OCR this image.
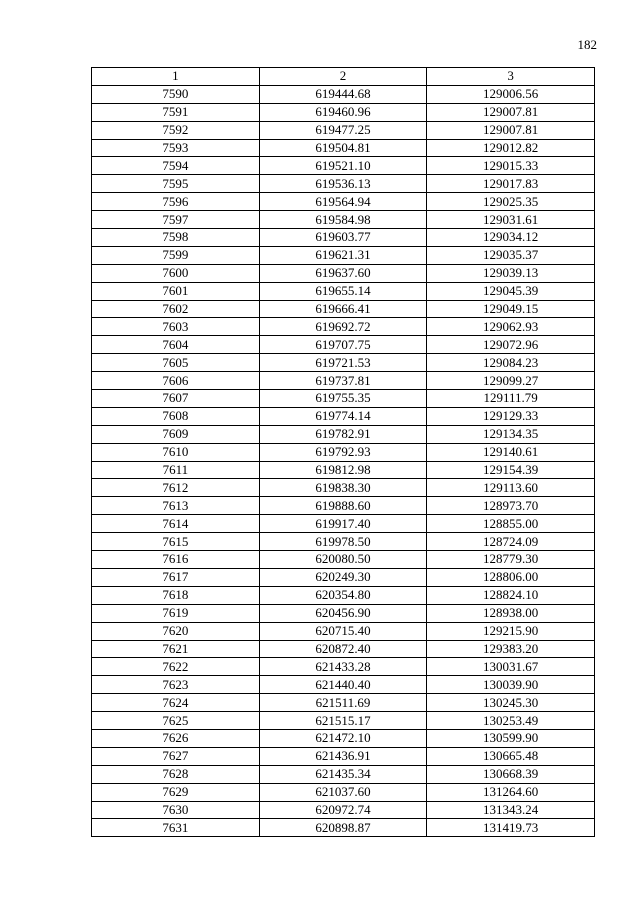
182
1	2	3
7590	619444.68	129006.56
7591	619460.96	129007.81
7592	619477.25	129007.81
7593	619504.81	129012.82
7594	619521.10	129015.33
7595	619536.13	129017.83
7596	619564.94	129025.35
7597	619584.98	129031.61
7598	619603.77	129034.12
7599	619621.31	129035.37
7600	619637.60	129039.13
7601	619655.14	129045.39
7602	619666.41	129049.15
7603	619692.72	129062.93
7604	619707.75	129072.96
7605	619721.53	129084.23
7606	619737.81	129099.27
7607	619755.35	129111.79
7608	619774.14	129129.33
7609	619782.91	129134.35
7610	619792.93	129140.61
7611	619812.98	129154.39
7612	619838.30	129113.60
7613	619888.60	128973.70
7614	619917.40	128855.00
7615	619978.50	128724.09
7616	620080.50	128779.30
7617	620249.30	128806.00
7618	620354.80	128824.10
7619	620456.90	128938.00
7620	620715.40	129215.90
7621	620872.40	129383.20
7622	621433.28	130031.67
7623	621440.40	130039.90
7624	621511.69	130245.30
7625	621515.17	130253.49
7626	621472.10	130599.90
7627	621436.91	130665.48
7628	621435.34	130668.39
7629	621037.60	131264.60
7630	620972.74	131343.24
7631	620898.87	131419.73
